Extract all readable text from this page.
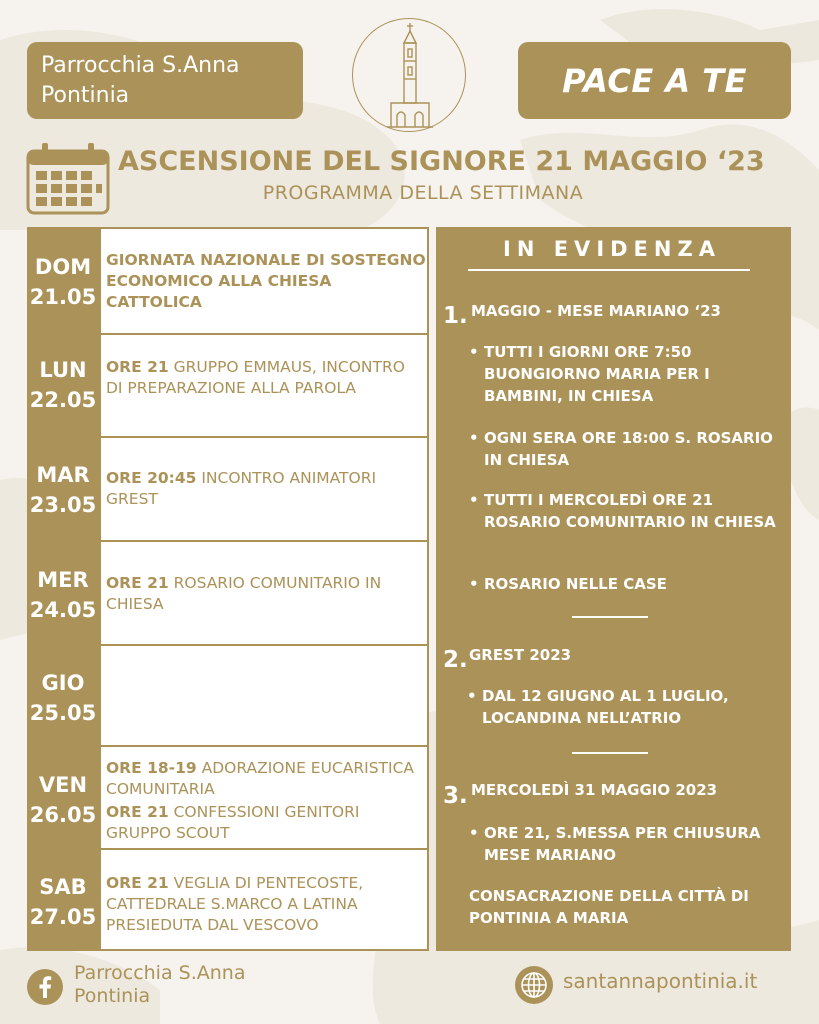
Parrocchia S.Anna
Pontinia	PACE A TE
ASCENSIONE DEL SIGNORE 21 MAGGIO ‘23
PROGRAMMA DELLA SETTIMANA
DOM
21.05
GIORNATA NAZIONALE DI SOSTEGNO ECONOMICO ALLA CHIESA CATTOLICA
LUN
22.05
ORE 21 GRUPPO EMMAUS, INCONTRO DI PREPARAZIONE ALLA PAROLA
MAR
23.05
ORE 20:45 INCONTRO ANIMATORI GREST
MER
24.05
ORE 21 ROSARIO COMUNITARIO IN CHIESA
GIO
25.05
VEN
26.05
ORE 18-19 ADORAZIONE EUCARISTICA COMUNITARIA
ORE 21 CONFESSIONI GENITORI GRUPPO SCOUT
SAB
27.05
ORE 21 VEGLIA DI PENTECOSTE, CATTEDRALE S.MARCO A LATINA PRESIEDUTA DAL VESCOVO
IN EVIDENZA
1. MAGGIO - MESE MARIANO ‘23
• TUTTI I GIORNI ORE 7:50 BUONGIORNO MARIA PER I BAMBINI, IN CHIESA
• OGNI SERA ORE 18:00 S. ROSARIO IN CHIESA
• TUTTI I MERCOLEDÌ ORE 21 ROSARIO COMUNITARIO IN CHIESA
• ROSARIO NELLE CASE
2. GREST 2023
• DAL 12 GIUGNO AL 1 LUGLIO, LOCANDINA NELL’ATRIO
3. MERCOLEDÌ 31 MAGGIO 2023
• ORE 21, S.MESSA PER CHIUSURA MESE MARIANO
CONSACRAZIONE DELLA CITTÀ DI PONTINIA A MARIA
Parrocchia S.Anna
Pontinia
santannapontinia.it
